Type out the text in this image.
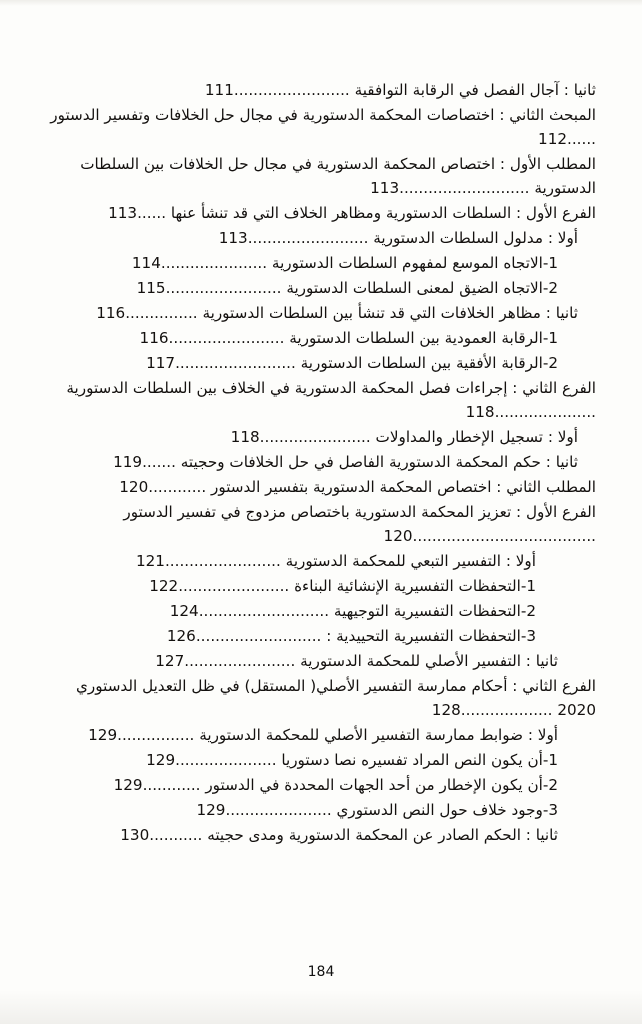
ثانيا : آجال الفصل في الرقابة التوافقية ........................111
المبحث الثاني : اختصاصات المحكمة الدستورية في مجال حل الخلافات وتفسير الدستور ......112
المطلب الأول : اختصاص المحكمة الدستورية في مجال حل الخلافات بين السلطات الدستورية ...........................113
الفرع الأول : السلطات الدستورية ومظاهر الخلاف التي قد تنشأ عنها ......113
أولا : مدلول السلطات الدستورية .........................113
1-الاتجاه الموسع لمفهوم السلطات الدستورية ......................114
2-الاتجاه الضيق لمعنى السلطات الدستورية ........................115
ثانيا : مظاهر الخلافات التي قد تنشأ بين السلطات الدستورية ...............116
1-الرقابة العمودية بين السلطات الدستورية ........................116
2-الرقابة الأفقية بين السلطات الدستورية .........................117
الفرع الثاني : إجراءات فصل المحكمة الدستورية في الخلاف بين السلطات الدستورية .....................118
أولا : تسجيل الإخطار والمداولات .......................118
ثانيا : حكم المحكمة الدستورية الفاصل في حل الخلافات وحجيته .......119
المطلب الثاني : اختصاص المحكمة الدستورية بتفسير الدستور ............120
الفرع الأول : تعزيز المحكمة الدستورية باختصاص مزدوج في تفسير الدستور ......................................120
أولا : التفسير التبعي للمحكمة الدستورية ........................121
1-التحفظات التفسيرية الإنشائية البناءة .......................122
2-التحفظات التفسيرية التوجيهية ...........................124
3-التحفظات التفسيرية التحييدية : ..........................126
ثانيا : التفسير الأصلي للمحكمة الدستورية .......................127
الفرع الثاني : أحكام ممارسة التفسير الأصلي( المستقل) في ظل التعديل الدستوري 2020 ...................128
أولا : ضوابط ممارسة التفسير الأصلي للمحكمة الدستورية ................129
1-أن يكون النص المراد تفسيره نصا دستوريا .....................129
2-أن يكون الإخطار من أحد الجهات المحددة في الدستور ............129
3-وجود خلاف حول النص الدستوري ......................129
ثانيا : الحكم الصادر عن المحكمة الدستورية ومدى حجيته ...........130
184
